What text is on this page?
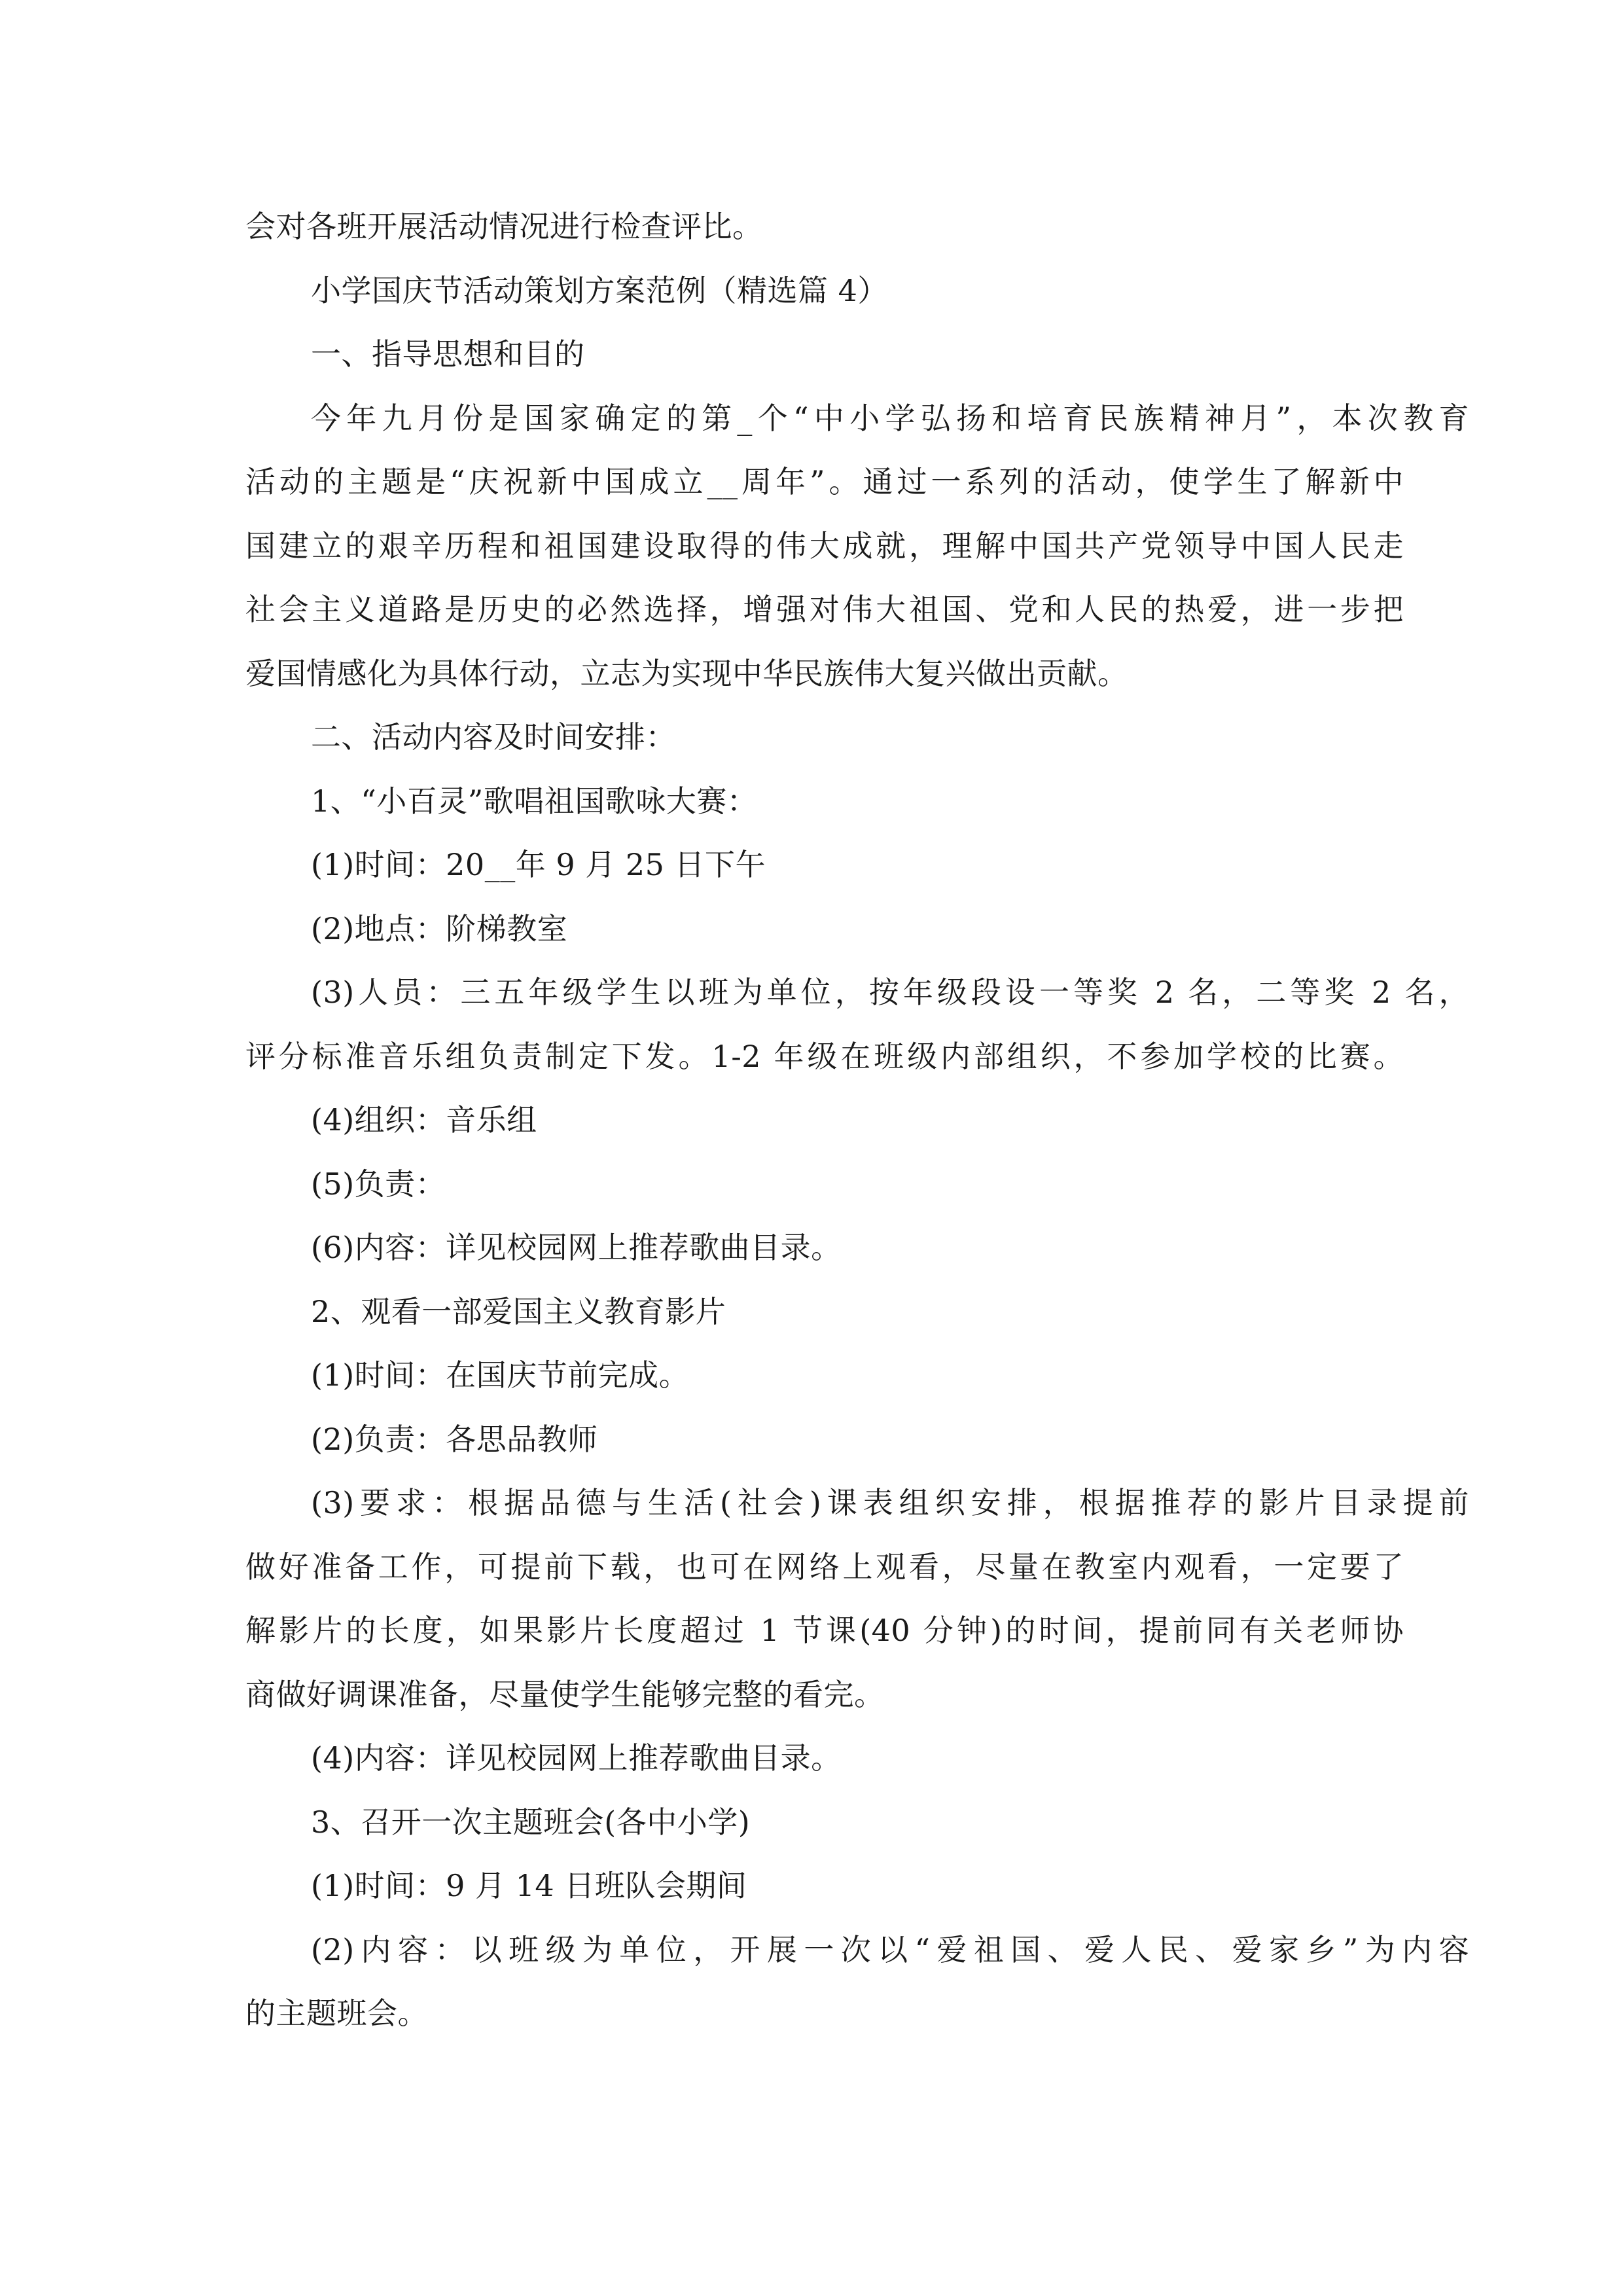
会对各班开展活动情况进行检查评比。
小学国庆节活动策划方案范例（精选篇 4）
一、指导思想和目的
今年九月份是国家确定的第_个“中小学弘扬和培育民族精神月”，本次教育
活动的主题是“庆祝新中国成立__周年”。通过一系列的活动，使学生了解新中
国建立的艰辛历程和祖国建设取得的伟大成就，理解中国共产党领导中国人民走
社会主义道路是历史的必然选择，增强对伟大祖国、党和人民的热爱，进一步把
爱国情感化为具体行动，立志为实现中华民族伟大复兴做出贡献。
二、活动内容及时间安排：
1、“小百灵”歌唱祖国歌咏大赛：
(1)时间：20__年 9 月 25 日下午
(2)地点：阶梯教室
(3)人员：三五年级学生以班为单位，按年级段设一等奖 2 名，二等奖 2 名，
评分标准音乐组负责制定下发。1-2 年级在班级内部组织，不参加学校的比赛。
(4)组织：音乐组
(5)负责：
(6)内容：详见校园网上推荐歌曲目录。
2、观看一部爱国主义教育影片
(1)时间：在国庆节前完成。
(2)负责：各思品教师
(3)要求：根据品德与生活(社会)课表组织安排，根据推荐的影片目录提前
做好准备工作，可提前下载，也可在网络上观看，尽量在教室内观看，一定要了
解影片的长度，如果影片长度超过 1 节课(40 分钟)的时间，提前同有关老师协
商做好调课准备，尽量使学生能够完整的看完。
(4)内容：详见校园网上推荐歌曲目录。
3、召开一次主题班会(各中小学)
(1)时间：9 月 14 日班队会期间
(2)内容：以班级为单位，开展一次以“爱祖国、爱人民、爱家乡”为内容
的主题班会。
